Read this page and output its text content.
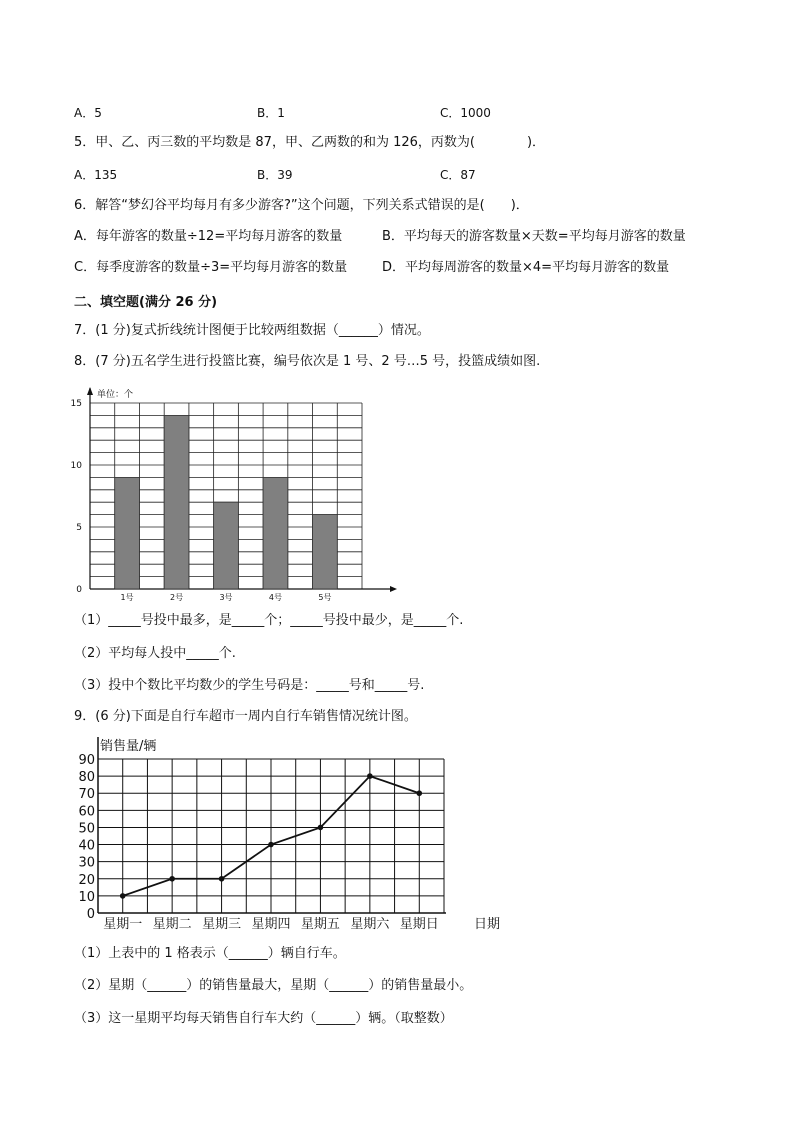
A．5	B．1	C．1000
5．甲、乙、丙三数的平均数是 87，甲、乙两数的和为 126，丙数为(　　　　)．
A．135	B．39	C．87
6．解答“梦幻谷平均每月有多少游客?”这个问题，下列关系式错误的是(　　)．
A．每年游客的数量÷12=平均每月游客的数量	B．平均每天的游客数量×天数=平均每月游客的数量
C．每季度游客的数量÷3=平均每月游客的数量	D．平均每周游客的数量×4=平均每月游客的数量
二、填空题(满分 26 分)
7．(1 分)复式折线统计图便于比较两组数据（______）情况。
8．(7 分)五名学生进行投篮比赛，编号依次是 1 号、2 号…5 号，投篮成绩如图.
单位：个
0
5
10
15
1号	2号	3号	4号	5号
（1）_____号投中最多，是_____个；_____号投中最少，是_____个.
（2）平均每人投中_____个.
（3）投中个数比平均数少的学生号码是：_____号和_____号.
9．(6 分)下面是自行车超市一周内自行车销售情况统计图。
销售量/辆
0
10
20
30
40
50
60
70
80
90
星期一 星期二 星期三 星期四 星期五 星期六 星期日	日期
（1）上表中的 1 格表示（______）辆自行车。
（2）星期（______）的销售量最大，星期（______）的销售量最小。
（3）这一星期平均每天销售自行车大约（______）辆。（取整数）
